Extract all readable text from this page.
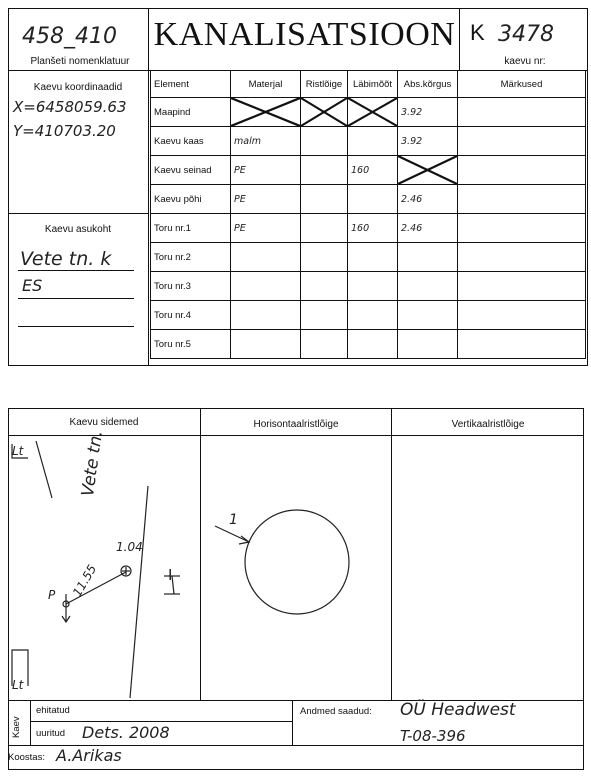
458_410
Planšeti nomenklatuur
KANALISATSIOON K 3478
kaevu nr:
Kaevu koordinaadid
X=6458059.63
Y=410703.20
Kaevu asukoht
Vete tn. k
ES
Element	Materjal	Ristlõige	Läbimõõt	Abs.kõrgus	Märkused
Maapind				3.92	
Kaevu kaas	malm			3.92	
Kaevu seinad	PE		160	

Kaevu põhi	PE			2.46	
Toru nr.1	PE		160	2.46	
Toru nr.2					
Toru nr.3					
Toru nr.4					
Toru nr.5					
Kaevu sidemed	Horisontaalristlõige	Vertikaalristlõige
Lt	Vete tn.
P 11.55
1.04
I
Lt
1
Kaev
ehitatud
uuritud Dets. 2008
Andmed saadud: OÜ Headwest
T-08-396
Koostas: A.Arikas
